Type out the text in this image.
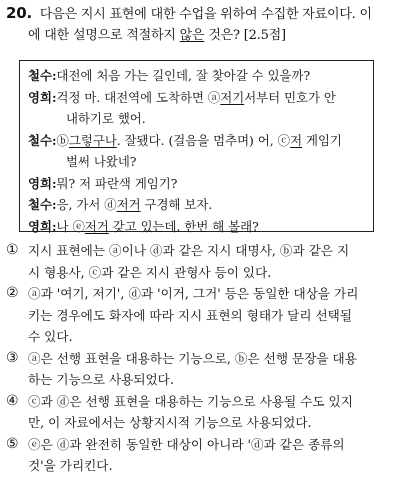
20. 다음은 지시 표현에 대한 수업을 위하여 수집한 자료이다. 이
에 대한 설명으로 적절하지 않은 것은? [2.5점]
철수: 대전에 처음 가는 길인데, 잘 찾아갈 수 있을까?
영희: 걱정 마. 대전역에 도착하면 ⓐ저기서부터 민호가 안
내하기로 했어.
철수: ⓑ그렇구나. 잘됐다. (걸음을 멈추며) 어, ⓒ저 게임기
벌써 나왔네?
영희: 뭐? 저 파란색 게임기?
철수: 응, 가서 ⓓ저거 구경해 보자.
영희: 나 ⓔ저거 갖고 있는데. 한번 해 볼래?
① 지시 표현에는 ⓐ이나 ⓓ과 같은 지시 대명사, ⓑ과 같은 지
시 형용사, ⓒ과 같은 지시 관형사 등이 있다.
② ⓐ과 '여기, 저기', ⓓ과 '이거, 그거' 등은 동일한 대상을 가리
키는 경우에도 화자에 따라 지시 표현의 형태가 달리 선택될
수 있다.
③ ⓐ은 선행 표현을 대용하는 기능으로, ⓑ은 선행 문장을 대용
하는 기능으로 사용되었다.
④ ⓒ과 ⓓ은 선행 표현을 대용하는 기능으로 사용될 수도 있지
만, 이 자료에서는 상황지시적 기능으로 사용되었다.
⑤ ⓔ은 ⓓ과 완전히 동일한 대상이 아니라 'ⓓ과 같은 종류의
것'을 가리킨다.
